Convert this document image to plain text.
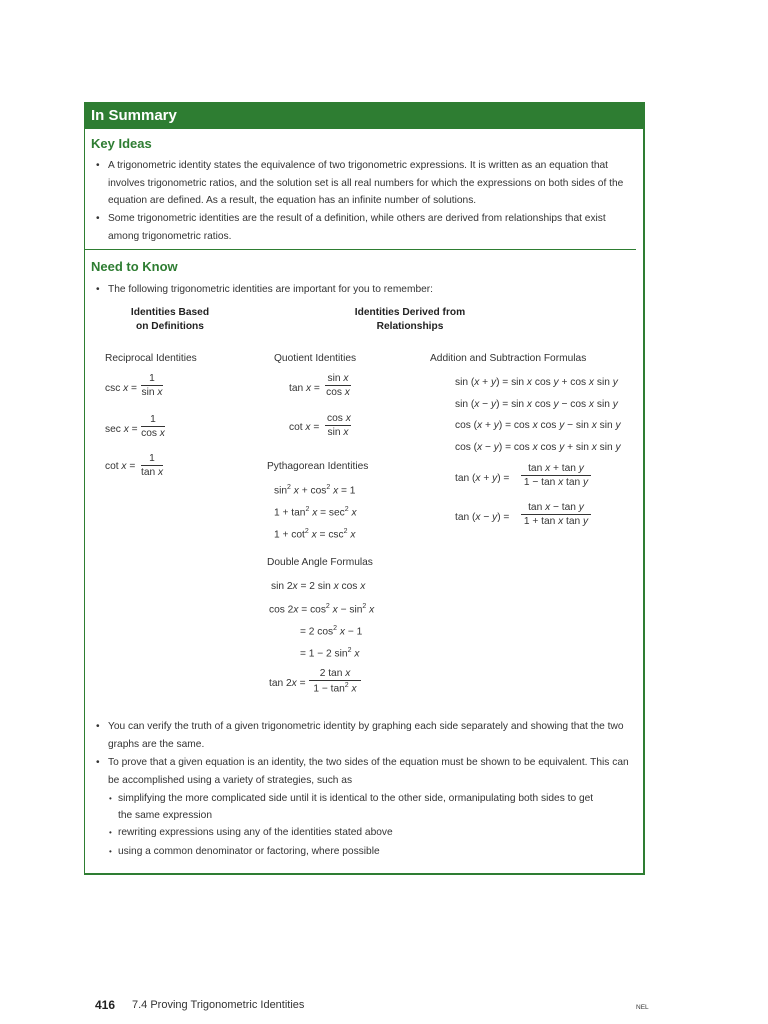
In Summary
Key Ideas
• A trigonometric identity states the equivalence of two trigonometric expressions. It is written as an equation that
involves trigonometric ratios, and the solution set is all real numbers for which the expressions on both sides of the
equation are defined. As a result, the equation has an infinite number of solutions.
• Some trigonometric identities are the result of a definition, while others are derived from relationships that exist
among trigonometric ratios.
Need to Know
• The following trigonometric identities are important for you to remember:
Identities Based
on Definitions
Identities Derived from
Relationships
Reciprocal Identities	Quotient Identities	Addition and Subtraction Formulas
$\csc x = \frac{1}{\text{sin x}}$
$\sec x = \frac{1}{\text{cos x}}$
$\cot x = \frac{1}{\text{tan x}}$
$\tan x = \frac{\text{sin x}}{\text{cos x}}$
$\cot x = \frac{\text{cos x}}{\text{sin x}}$
Pythagorean Identities
$\sin^2 x + \cos^2 x = 1$
$1 + \tan^2 x = \sec^2 x$
$1 + \cot^2 x = \csc^2 x$
Double Angle Formulas
sin 2x = 2 sin x cos x
$\cos 2x = \cos^2 x - \sin^2 x$
= 2 $\cos^2 x - 1$
= 1 − 2 $\sin^2 x$
$\tan 2x = \frac{\text{2 tan x}}{1 - \tan^2 x}$
sin (x + y) = sin x cos y + cos x sin y
sin (x − y) = sin x cos y − cos x sin y
cos (x + y) = cos x cos y − sin x sin y
cos (x − y) = cos x cos y + sin x sin y
$\tan (x + y) = \frac{\text{tan x + tan y}}{\text{1 − tan x tan y}}$
$\tan (x - y) = \frac{\text{tan x − tan y}}{\text{1 + tan x tan y}}$
• You can verify the truth of a given trigonometric identity by graphing each side separately and showing that the two
graphs are the same.
• To prove that a given equation is an identity, the two sides of the equation must be shown to be equivalent. This can
be accomplished using a variety of strategies, such as
• simplifying the more complicated side until it is identical to the other side, ormanipulating both sides to get
the same expression
• rewriting expressions using any of the identities stated above
• using a common denominator or factoring, where possible
416 7.4 Proving Trigonometric Identities	NEL
